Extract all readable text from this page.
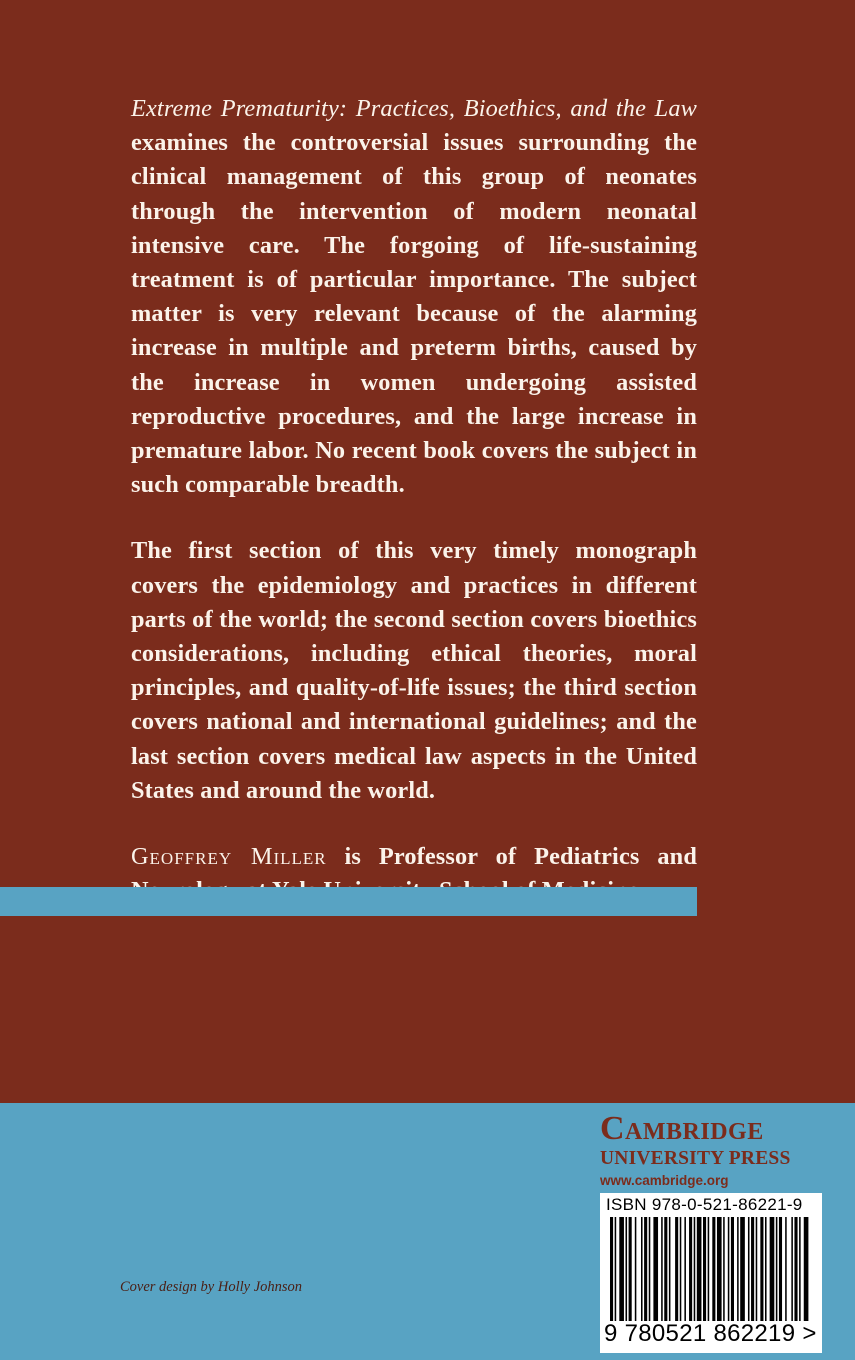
Extreme Prematurity: Practices, Bioethics, and the Law examines the controversial issues surrounding the clinical management of this group of neonates through the intervention of modern neonatal intensive care. The forgoing of life-sustaining treatment is of particular importance. The subject matter is very relevant because of the alarming increase in multiple and preterm births, caused by the increase in women undergoing assisted reproductive procedures, and the large increase in premature labor. No recent book covers the subject in such comparable breadth.

The first section of this very timely monograph covers the epidemiology and practices in different parts of the world; the second section covers bioethics considerations, including ethical theories, moral principles, and quality-of-life issues; the third section covers national and international guidelines; and the last section covers medical law aspects in the United States and around the world.

Geoffrey Miller is Professor of Pediatrics and

Cover design by Holly Johnson
Cambridge
UNIVERSITY PRESS
www.cambridge.org
ISBN 978-0-521-86221-9
9 780521 862219 >
